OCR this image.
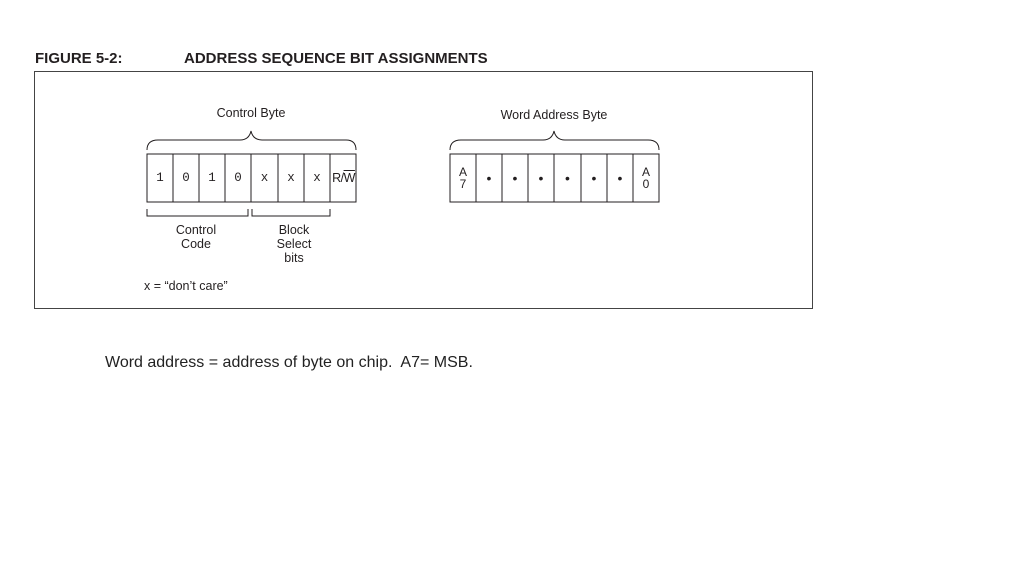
FIGURE 5-2:	ADDRESS SEQUENCE BIT ASSIGNMENTS
Control Byte
1	0	1	0	x	x	x R/ $\overline{W}$
Control
Code
Block
Select
bits
x = “don’t care”
Word Address Byte
A
7	•	•	•	•	•	•	A
0
Word address = address of byte on chip.  A7= MSB.
